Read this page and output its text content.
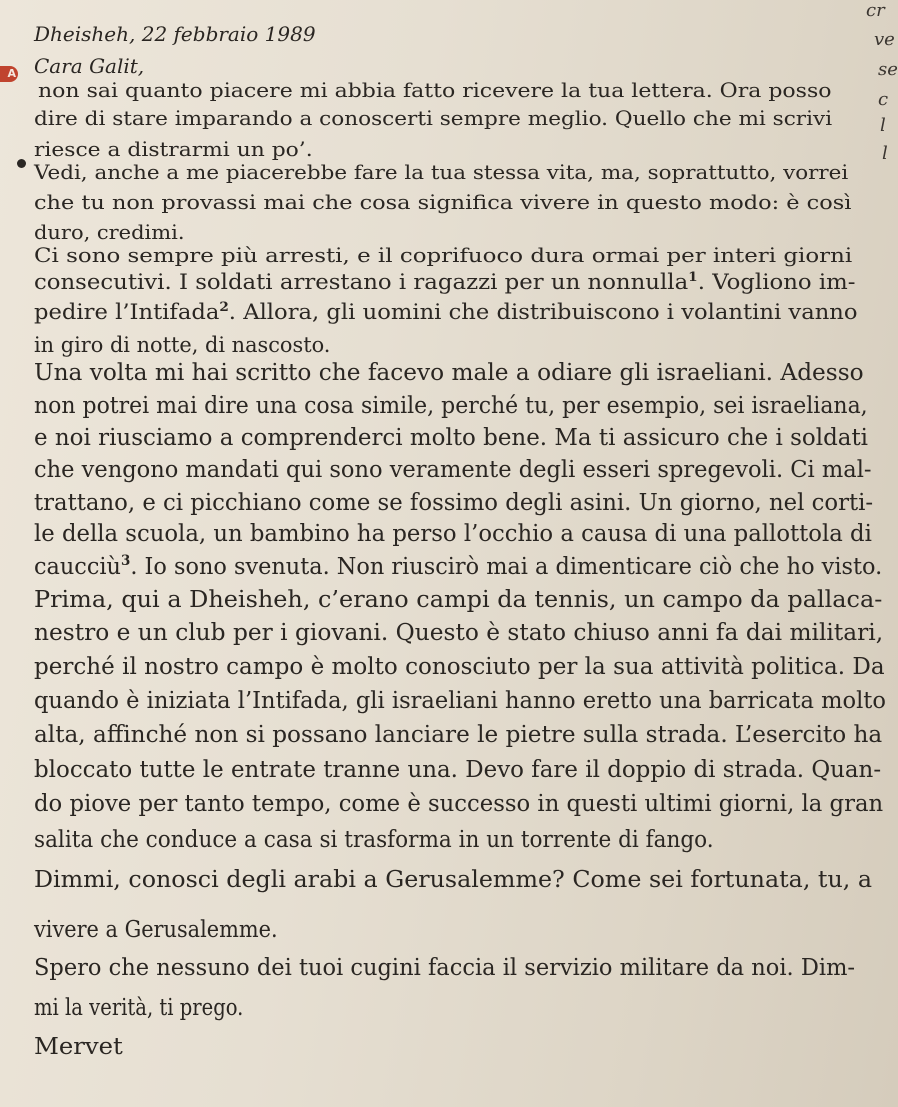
A
cr
ve
se
c
l
l
Dheisheh, 22 febbraio 1989
Cara Galit,
non sai quanto piacere mi abbia fatto ricevere la tua lettera. Ora posso
dire di stare imparando a conoscerti sempre meglio. Quello che mi scrivi
riesce a distrarmi un po’.
Vedi, anche a me piacerebbe fare la tua stessa vita, ma, soprattutto, vorrei
che tu non provassi mai che cosa significa vivere in questo modo: è così
duro, credimi.
Ci sono sempre più arresti, e il coprifuoco dura ormai per interi giorni
consecutivi. I soldati arrestano i ragazzi per un nonnulla$^1$. Vogliono im-
pedire l’Intifada$^2$. Allora, gli uomini che distribuiscono i volantini vanno
in giro di notte, di nascosto.
Una volta mi hai scritto che facevo male a odiare gli israeliani. Adesso
non potrei mai dire una cosa simile, perché tu, per esempio, sei israeliana,
e noi riusciamo a comprenderci molto bene. Ma ti assicuro che i soldati
che vengono mandati qui sono veramente degli esseri spregevoli. Ci mal-
trattano, e ci picchiano come se fossimo degli asini. Un giorno, nel corti-
le della scuola, un bambino ha perso l’occhio a causa di una pallottola di
caucciù$^3$. Io sono svenuta. Non riuscirò mai a dimenticare ciò che ho visto.
Prima, qui a Dheisheh, c’erano campi da tennis, un campo da pallaca-
nestro e un club per i giovani. Questo è stato chiuso anni fa dai militari,
perché il nostro campo è molto conosciuto per la sua attività politica. Da
quando è iniziata l’Intifada, gli israeliani hanno eretto una barricata molto
alta, affinché non si possano lanciare le pietre sulla strada. L’esercito ha
bloccato tutte le entrate tranne una. Devo fare il doppio di strada. Quan-
do piove per tanto tempo, come è successo in questi ultimi giorni, la gran
salita che conduce a casa si trasforma in un torrente di fango.
Dimmi, conosci degli arabi a Gerusalemme? Come sei fortunata, tu, a
vivere a Gerusalemme.
Spero che nessuno dei tuoi cugini faccia il servizio militare da noi. Dim-
mi la verità, ti prego.
Mervet
